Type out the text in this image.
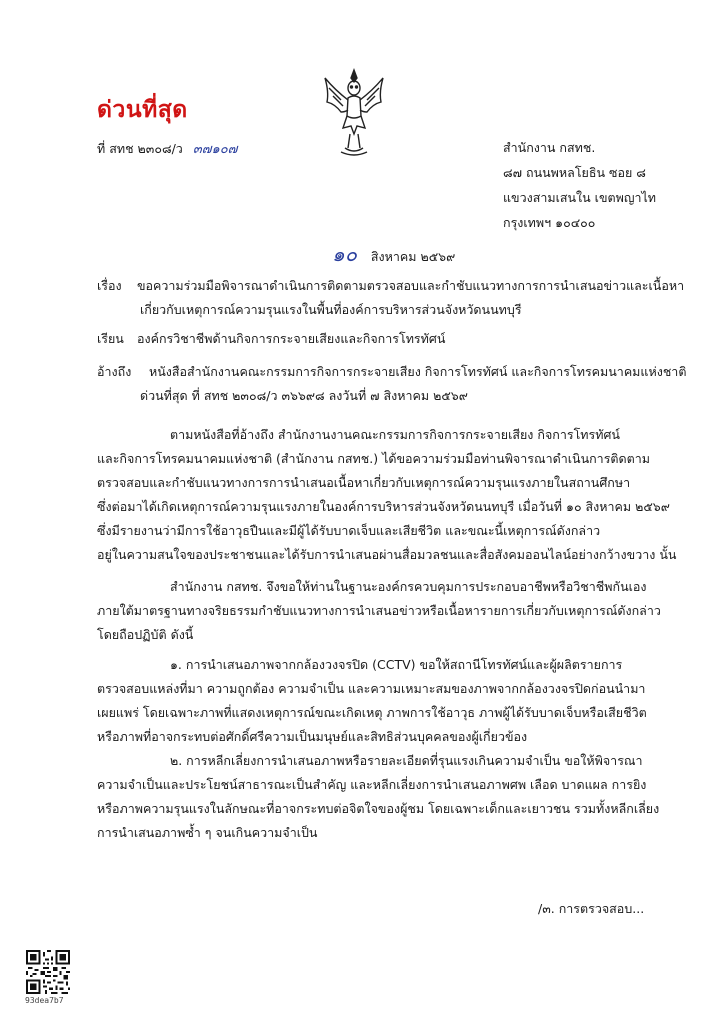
ด่วนที่สุด
ที่ สทช ๒๓๐๘/ว ๓๗๑๐๗	สำนักงาน กสทช.
๘๗ ถนนพหลโยธิน ซอย ๘
แขวงสามเสนใน เขตพญาไท
กรุงเทพฯ ๑๐๔๐๐
๑๐ สิงหาคม ๒๕๖๙
เรื่อง ขอความร่วมมือพิจารณาดำเนินการติดตามตรวจสอบและกำชับแนวทางการการนำเสนอข่าวและเนื้อหา
เกี่ยวกับเหตุการณ์ความรุนแรงในพื้นที่องค์การบริหารส่วนจังหวัดนนทบุรี
เรียน องค์กรวิชาชีพด้านกิจการกระจายเสียงและกิจการโทรทัศน์
อ้างถึง หนังสือสำนักงานคณะกรรมการกิจการกระจายเสียง กิจการโทรทัศน์ และกิจการโทรคมนาคมแห่งชาติ
ด่วนที่สุด ที่ สทช ๒๓๐๘/ว ๓๖๖๙๘ ลงวันที่ ๗ สิงหาคม ๒๕๖๙
ตามหนังสือที่อ้างถึง สำนักงานงานคณะกรรมการกิจการกระจายเสียง กิจการโทรทัศน์
และกิจการโทรคมนาคมแห่งชาติ (สำนักงาน กสทช.) ได้ขอความร่วมมือท่านพิจารณาดำเนินการติดตาม
ตรวจสอบและกำชับแนวทางการการนำเสนอเนื้อหาเกี่ยวกับเหตุการณ์ความรุนแรงภายในสถานศึกษา
ซึ่งต่อมาได้เกิดเหตุการณ์ความรุนแรงภายในองค์การบริหารส่วนจังหวัดนนทบุรี เมื่อวันที่ ๑๐ สิงหาคม ๒๕๖๙
ซึ่งมีรายงานว่ามีการใช้อาวุธปืนและมีผู้ได้รับบาดเจ็บและเสียชีวิต และขณะนี้เหตุการณ์ดังกล่าว
อยู่ในความสนใจของประชาชนและได้รับการนำเสนอผ่านสื่อมวลชนและสื่อสังคมออนไลน์อย่างกว้างขวาง นั้น
สำนักงาน กสทช. จึงขอให้ท่านในฐานะองค์กรควบคุมการประกอบอาชีพหรือวิชาชีพกันเอง
ภายใต้มาตรฐานทางจริยธรรมกำชับแนวทางการนำเสนอข่าวหรือเนื้อหารายการเกี่ยวกับเหตุการณ์ดังกล่าว
โดยถือปฏิบัติ ดังนี้
๑. การนำเสนอภาพจากกล้องวงจรปิด (CCTV) ขอให้สถานีโทรทัศน์และผู้ผลิตรายการ
ตรวจสอบแหล่งที่มา ความถูกต้อง ความจำเป็น และความเหมาะสมของภาพจากกล้องวงจรปิดก่อนนำมา
เผยแพร่ โดยเฉพาะภาพที่แสดงเหตุการณ์ขณะเกิดเหตุ ภาพการใช้อาวุธ ภาพผู้ได้รับบาดเจ็บหรือเสียชีวิต
หรือภาพที่อาจกระทบต่อศักดิ์ศรีความเป็นมนุษย์และสิทธิส่วนบุคคลของผู้เกี่ยวข้อง
๒. การหลีกเลี่ยงการนำเสนอภาพหรือรายละเอียดที่รุนแรงเกินความจำเป็น ขอให้พิจารณา
ความจำเป็นและประโยชน์สาธารณะเป็นสำคัญ และหลีกเลี่ยงการนำเสนอภาพศพ เลือด บาดแผล การยิง
หรือภาพความรุนแรงในลักษณะที่อาจกระทบต่อจิตใจของผู้ชม โดยเฉพาะเด็กและเยาวชน รวมทั้งหลีกเลี่ยง
การนำเสนอภาพซ้ำ ๆ จนเกินความจำเป็น
/๓. การตรวจสอบ...
93dea7b7
